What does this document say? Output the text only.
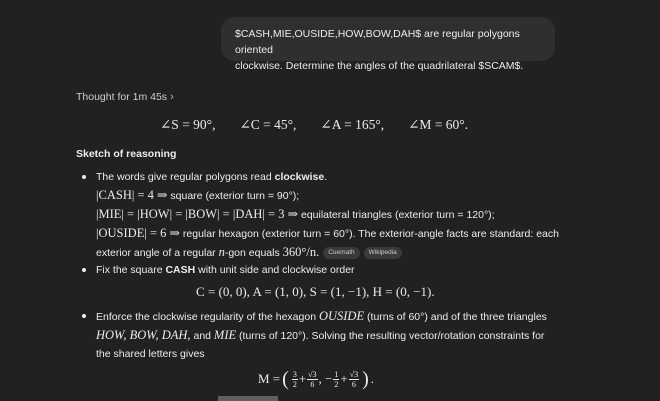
$CASH,MIE,OUSIDE,HOW,BOW,DAH$ are regular polygons oriented
clockwise. Determine the angles of the quadrilateral $SCAM$.
Thought for 1m 45s ›
∠S = 90°, ∠C = 45°, ∠A = 165°, ∠M = 60°.
Sketch of reasoning
The words give regular polygons read clockwise.
|CASH| = 4 ⇒ square (exterior turn = 90°);
|MIE| = |HOW| = |BOW| = |DAH| = 3 ⇒ equilateral triangles (exterior turn = 120°);
|OUSIDE| = 6 ⇒ regular hexagon (exterior turn = 60°). The exterior-angle facts are standard: each
exterior angle of a regular n-gon equals 360°/n. Cuemath Wikipedia
Fix the square CASH with unit side and clockwise order
Enforce the clockwise regularity of the hexagon OUSIDE (turns of 60°) and of the three triangles
HOW, BOW, DAH, and MIE (turns of 120°). Solving the resulting vector/rotation constraints for
the shared letters gives
C = (0, 0), A = (1, 0), S = (1, −1), H = (0, −1).
M = ( $\frac{3}{2} + \frac{√3}{6}$ , − $\frac{1}{2} + \frac{√3}{6}$ ) .
